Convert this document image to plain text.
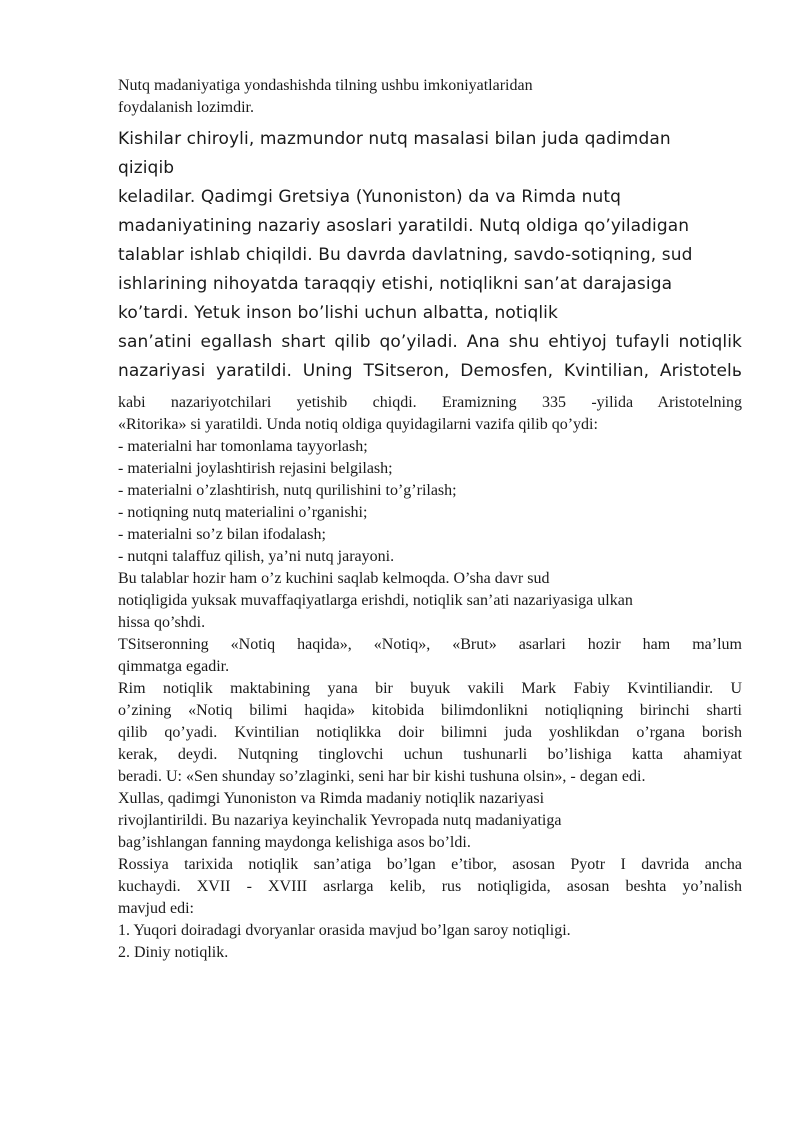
Nutq madaniyatiga yondashishda tilning ushbu imkoniyatlaridan
foydalanish lozimdir.
Kishilar chiroyli, mazmundor nutq masalasi bilan juda qadimdan
qiziqib
keladilar. Qadimgi Gretsiya (Yunoniston) da va Rimda nutq
madaniyatining nazariy asoslari yaratildi. Nutq oldiga qo’yiladigan
talablar ishlab chiqildi. Bu davrda davlatning, savdo-sotiqning, sud
ishlarining nihoyatda taraqqiy etishi, notiqlikni san’at darajasiga
ko’tardi. Yetuk inson bo’lishi uchun albatta, notiqlik
san’atini egallash shart qilib qo’yiladi. Ana shu ehtiyoj tufayli notiqlik
nazariyasi yaratildi. Uning TSitseron, Demosfen, Kvintilian, Aristotelь
kabi nazariyotchilari yetishib chiqdi. Eramizning 335 -yilida Aristotelning
«Ritorika» si yaratildi. Unda notiq oldiga quyidagilarni vazifa qilib qo’ydi:
- materialni har tomonlama tayyorlash;
- materialni joylashtirish rejasini belgilash;
- materialni o’zlashtirish, nutq qurilishini to’g’rilash;
- notiqning nutq materialini o’rganishi;
- materialni so’z bilan ifodalash;
- nutqni talaffuz qilish, ya’ni nutq jarayoni.
Bu talablar hozir ham o’z kuchini saqlab kelmoqda. O’sha davr sud
notiqligida yuksak muvaffaqiyatlarga erishdi, notiqlik san’ati nazariyasiga ulkan
hissa qo’shdi.
TSitseronning «Notiq haqida», «Notiq», «Brut» asarlari hozir ham ma’lum
qimmatga egadir.
Rim notiqlik maktabining yana bir buyuk vakili Mark Fabiy Kvintiliandir. U
o’zining «Notiq bilimi haqida» kitobida bilimdonlikni notiqliqning birinchi sharti
qilib qo’yadi. Kvintilian notiqlikka doir bilimni juda yoshlikdan o’rgana borish
kerak, deydi. Nutqning tinglovchi uchun tushunarli bo’lishiga katta ahamiyat
beradi. U: «Sen shunday so’zlaginki, seni har bir kishi tushuna olsin», - degan edi.
Xullas, qadimgi Yunoniston va Rimda madaniy notiqlik nazariyasi
rivojlantirildi. Bu nazariya keyinchalik Yevropada nutq madaniyatiga
bag’ishlangan fanning maydonga kelishiga asos bo’ldi.
Rossiya tarixida notiqlik san’atiga bo’lgan e’tibor, asosan Pyotr I davrida ancha
kuchaydi. XVII - XVIII asrlarga kelib, rus notiqligida, asosan beshta yo’nalish
mavjud edi:
1. Yuqori doiradagi dvoryanlar orasida mavjud bo’lgan saroy notiqligi.
2. Diniy notiqlik.
